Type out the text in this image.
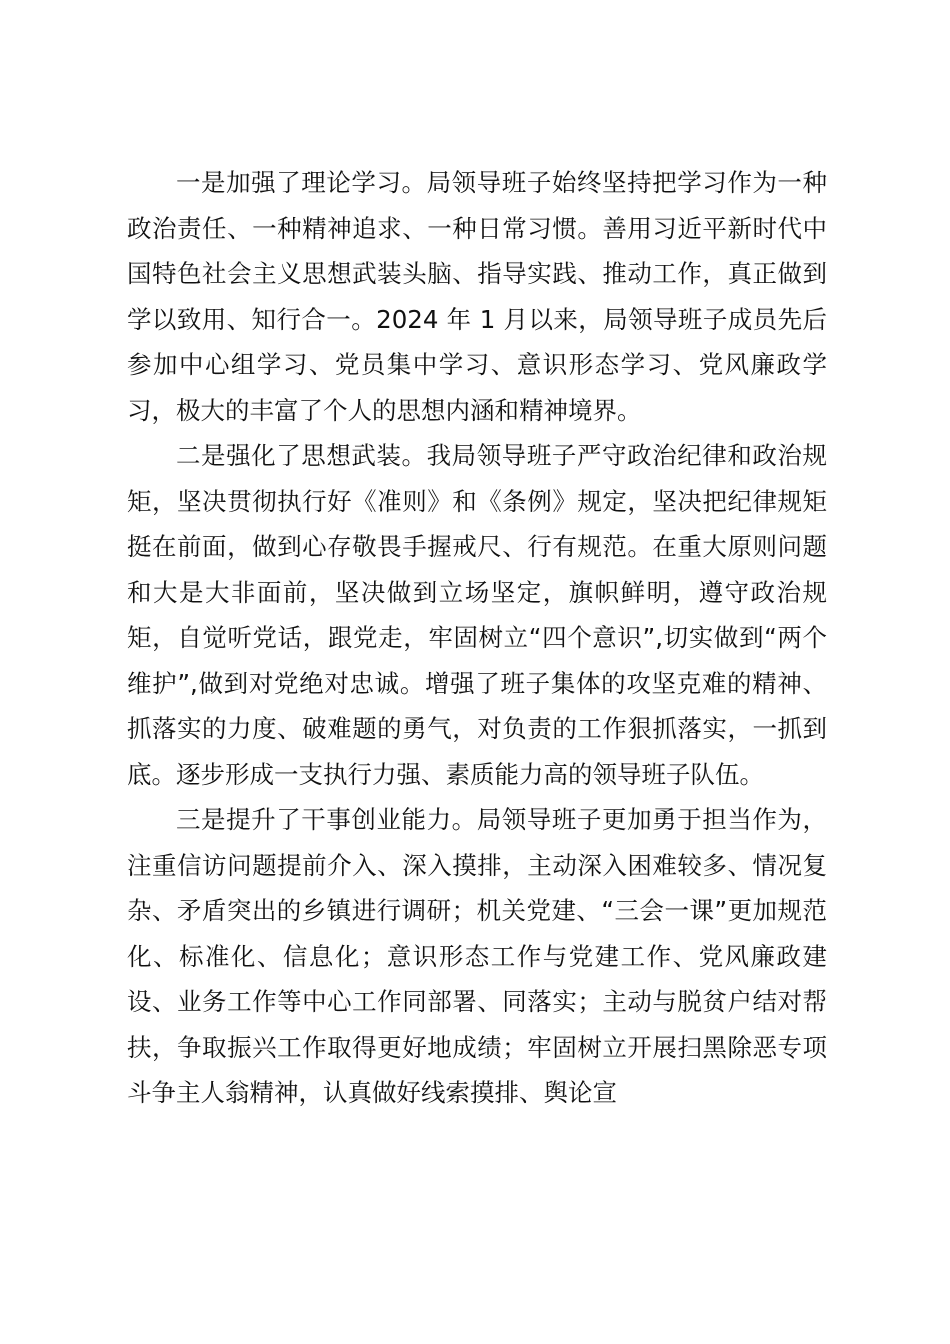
一是加强了理论学习。局领导班子始终坚持把学习作为一种政治责任、一种精神追求、一种日常习惯。善用习近平新时代中国特色社会主义思想武装头脑、指导实践、推动工作，真正做到学以致用、知行合一。2024 年 1 月以来，局领导班子成员先后参加中心组学习、党员集中学习、意识形态学习、党风廉政学习，极大的丰富了个人的思想内涵和精神境界。

二是强化了思想武装。我局领导班子严守政治纪律和政治规矩，坚决贯彻执行好《准则》和《条例》规定，坚决把纪律规矩挺在前面，做到心存敬畏手握戒尺、行有规范。在重大原则问题和大是大非面前，坚决做到立场坚定，旗帜鲜明，遵守政治规矩，自觉听党话，跟党走，牢固树立“四个意识”,切实做到“两个维护”,做到对党绝对忠诚。增强了班子集体的攻坚克难的精神、抓落实的力度、破难题的勇气，对负责的工作狠抓落实，一抓到底。逐步形成一支执行力强、素质能力高的领导班子队伍。

三是提升了干事创业能力。局领导班子更加勇于担当作为，注重信访问题提前介入、深入摸排，主动深入困难较多、情况复杂、矛盾突出的乡镇进行调研；机关党建、“三会一课”更加规范化、标准化、信息化；意识形态工作与党建工作、党风廉政建设、业务工作等中心工作同部署、同落实；主动与脱贫户结对帮扶，争取振兴工作取得更好地成绩；牢固树立开展扫黑除恶专项斗争主人翁精神，认真做好线索摸排、舆论宣
